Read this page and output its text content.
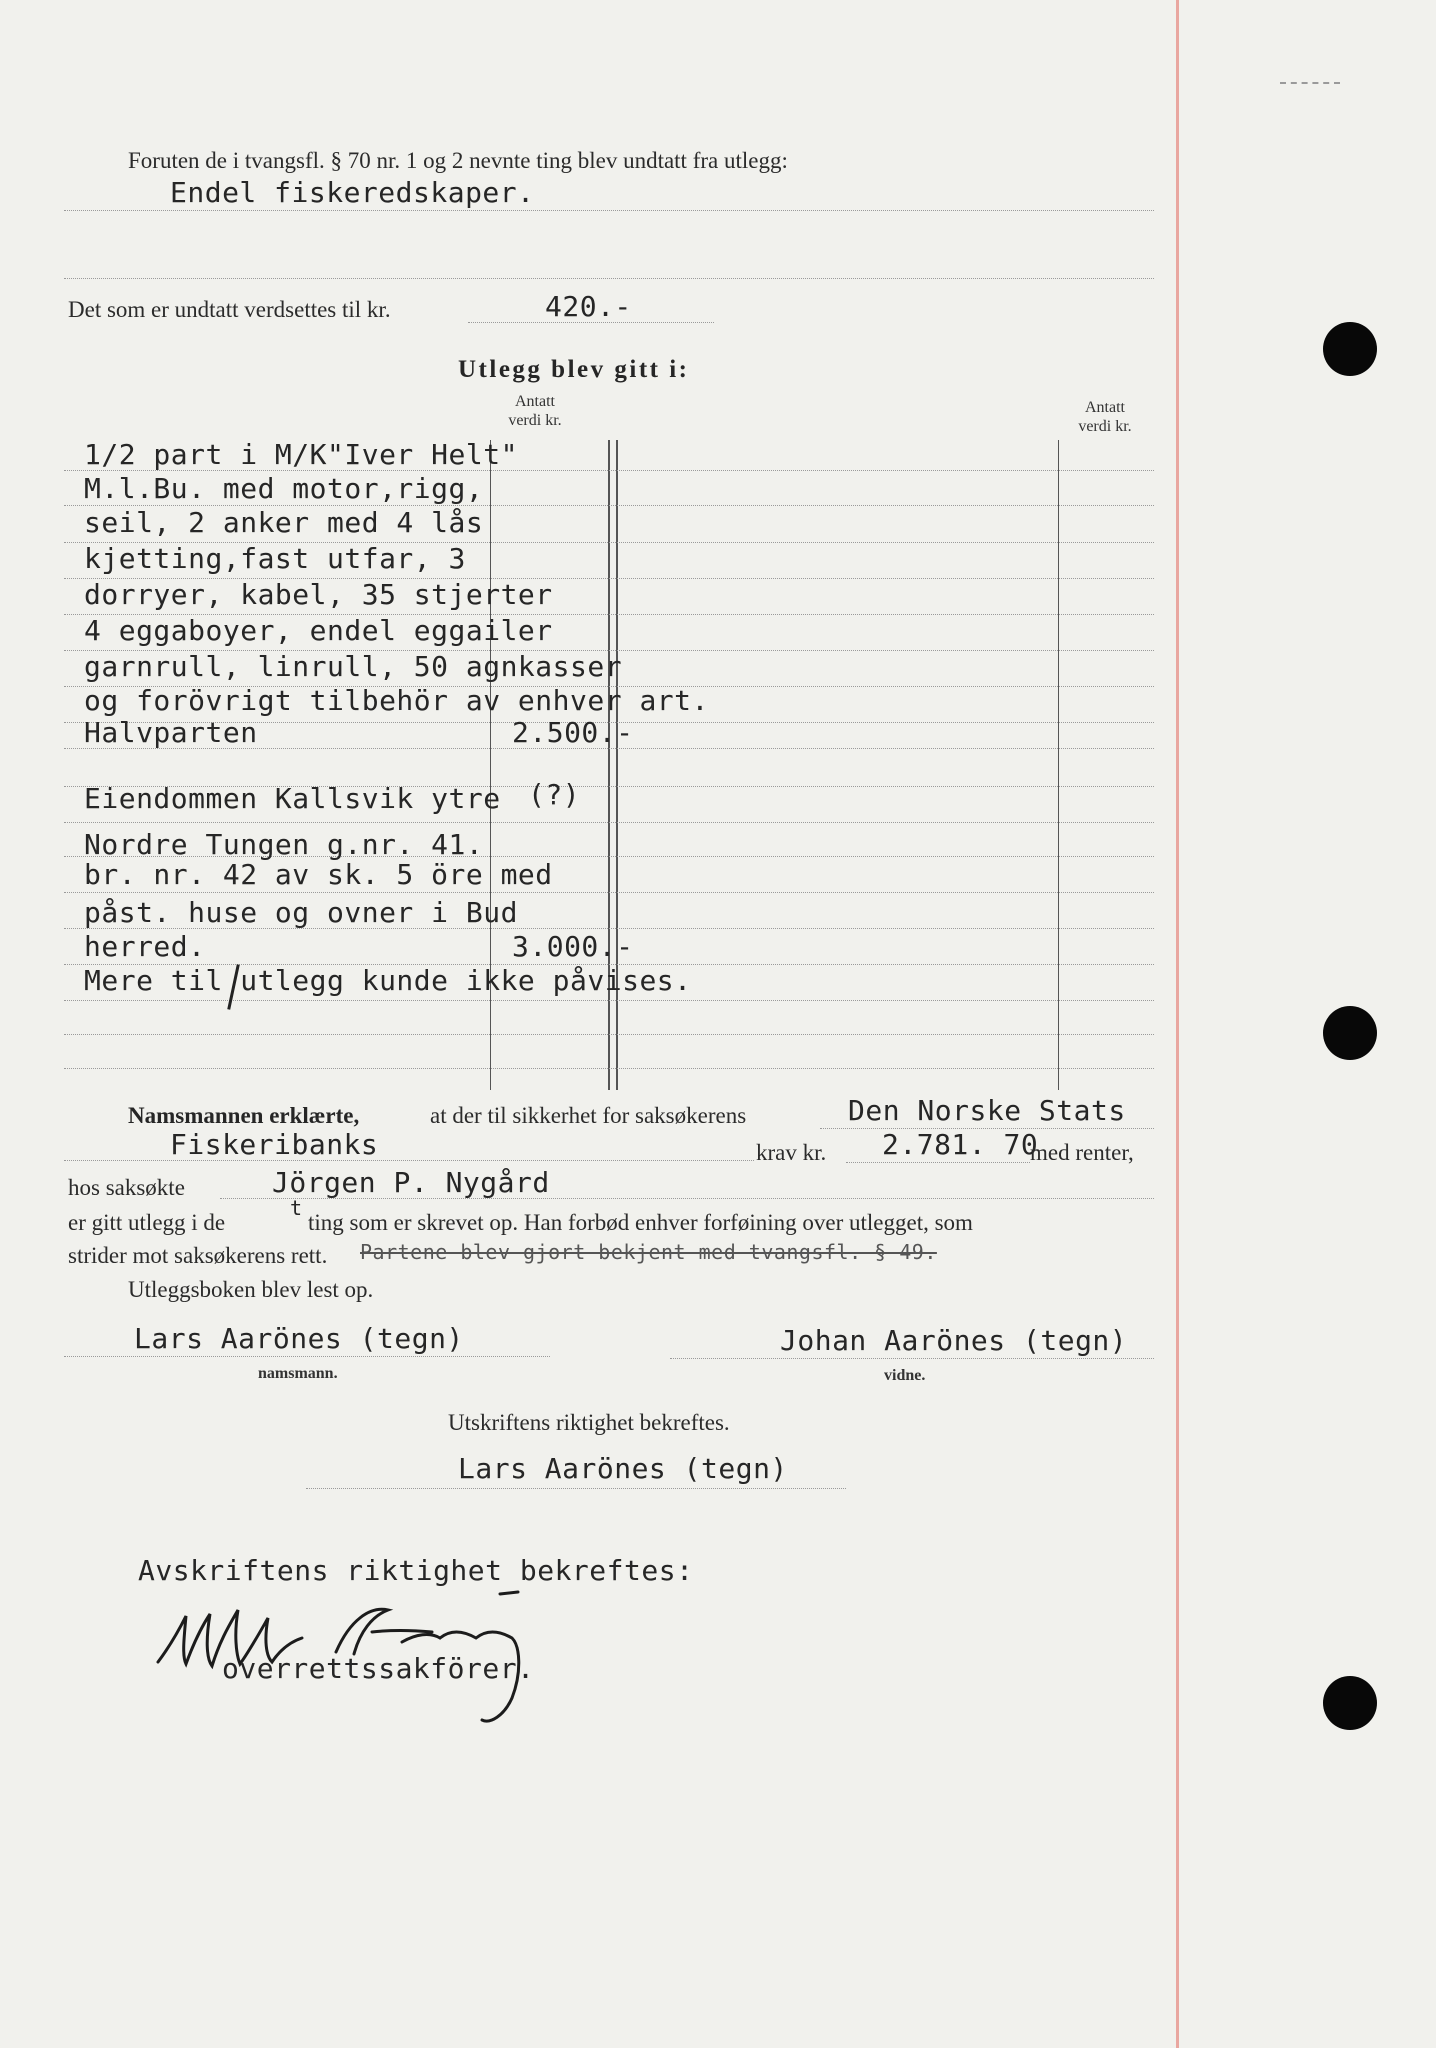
Foruten de i tvangsfl. § 70 nr. 1 og 2 nevnte ting blev undtatt fra utlegg:
Endel fiskeredskaper.
Det som er undtatt verdsettes til kr.	420.-
Utlegg blev gitt i:
Antatt
verdi kr.
Antatt
verdi kr.
1/2 part i M/K"Iver Helt"
M.l.Bu. med motor,rigg,
seil, 2 anker med 4 lås
kjetting,fast utfar, 3
dorryer, kabel, 35 stjerter
4 eggaboyer, endel eggailer
garnrull, linrull, 50 agnkasser
og forövrigt tilbehör av enhver art.
Halvparten	2.500.-
Eiendommen Kallsvik ytre (?)
Nordre Tungen g.nr. 41.
br. nr. 42 av sk. 5 öre med
påst. huse og ovner i Bud
herred.	3.000.-
Mere til utlegg kunde ikke påvises.
Namsmannen erklærte,	at der til sikkerhet for saksøkerens	Den Norske Stats
Fiskeribanks	krav kr. 2.781. 70
med renter,
hos saksøkte	Jörgen P. Nygård
er gitt utlegg i de
t
ting som er skrevet op. Han forbød enhver forføining over utlegget, som
strider mot saksøkerens rett. Partene blev gjort bekjent med tvangsfl. § 49.
Utleggsboken blev lest op.
Lars Aarönes (tegn)
namsmann.
Johan Aarönes (tegn)
vidne.
Utskriftens riktighet bekreftes.
Lars Aarönes (tegn)
Avskriftens riktighet bekreftes:
overrettssakförer.
